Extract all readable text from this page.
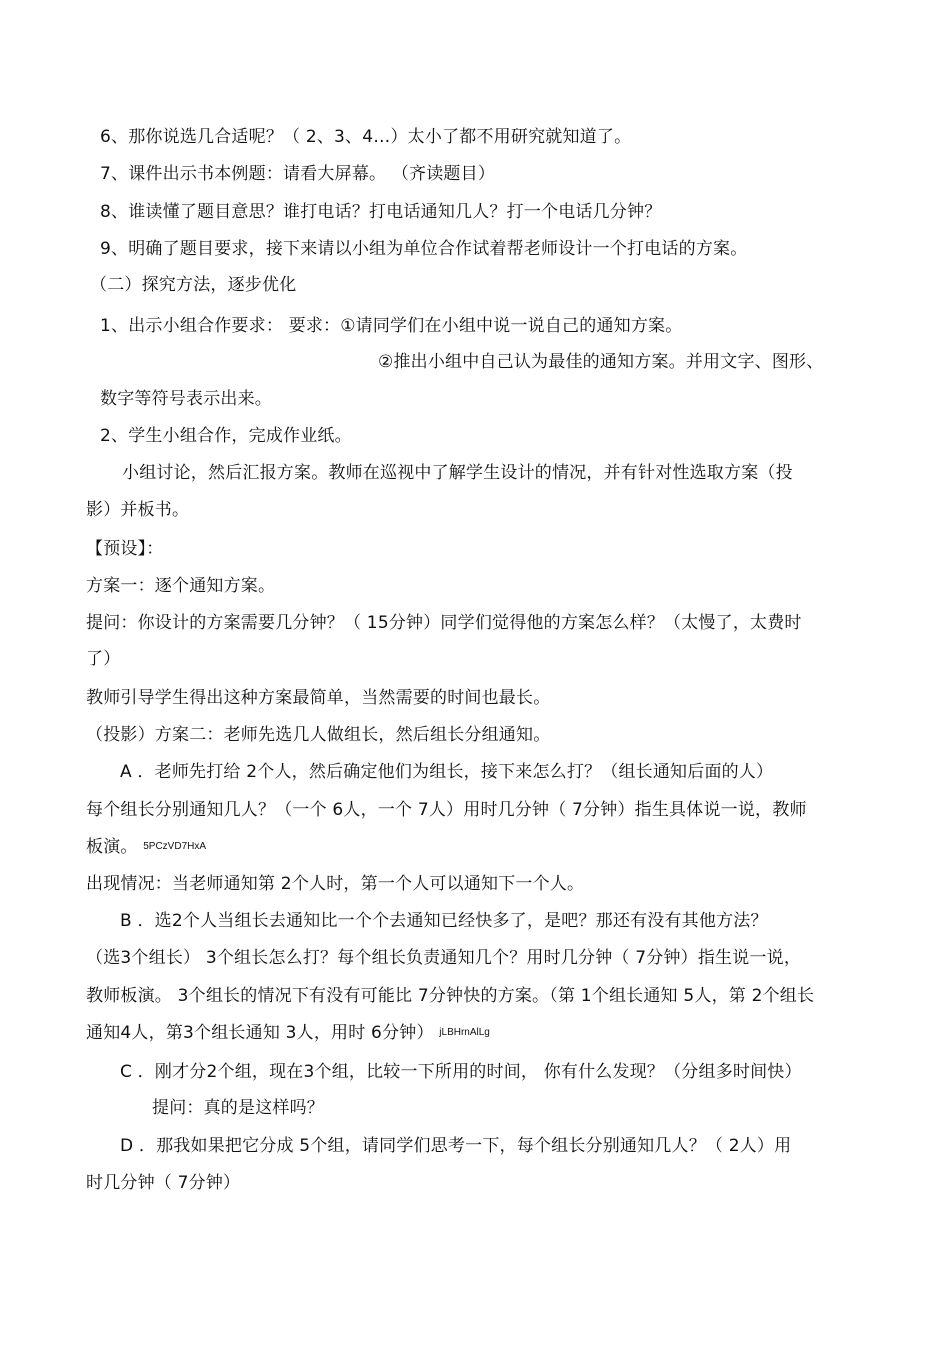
6、那你说选几合适呢？（ 2、3、4…）太小了都不用研究就知道了。
7、课件出示书本例题：请看大屏幕。 （齐读题目）
8、谁读懂了题目意思？谁打电话？打电话通知几人？打一个电话几分钟？
9、明确了题目要求，接下来请以小组为单位合作试着帮老师设计一个打电话的方案。
（二）探究方法，逐步优化
1、出示小组合作要求： 要求：①请同学们在小组中说一说自己的通知方案。
②推出小组中自己认为最佳的通知方案。并用文字、图形、
数字等符号表示出来。
2、学生小组合作，完成作业纸。
小组讨论，然后汇报方案。教师在巡视中了解学生设计的情况，并有针对性选取方案（投
影）并板书。
【预设】：
方案一：逐个通知方案。
提问：你设计的方案需要几分钟？（ 15分钟）同学们觉得他的方案怎么样？（太慢了，太费时
了）
教师引导学生得出这种方案最简单，当然需要的时间也最长。
（投影）方案二：老师先选几人做组长，然后组长分组通知。
A ．老师先打给 2个人，然后确定他们为组长，接下来怎么打？（组长通知后面的人）
每个组长分别通知几人？（一个 6人，一个 7人）用时几分钟（ 7分钟）指生具体说一说，教师
板演。 5PCzVD7HxA
出现情况：当老师通知第 2个人时，第一个人可以通知下一个人。
B ．选2个人当组长去通知比一个个去通知已经快多了，是吧？那还有没有其他方法？
（选3个组长） 3个组长怎么打？每个组长负责通知几个？用时几分钟（ 7分钟）指生说一说，
教师板演。 3个组长的情况下有没有可能比 7分钟快的方案。（第 1个组长通知 5人，第 2个组长
通知4人，第3个组长通知 3人，用时 6分钟） jLBHrnAlLg
C ．刚才分2个组，现在3个组，比较一下所用的时间， 你有什么发现？（分组多时间快）
提问：真的是这样吗？
D ．那我如果把它分成 5个组，请同学们思考一下，每个组长分别通知几人？（ 2人）用
时几分钟（ 7分钟）
